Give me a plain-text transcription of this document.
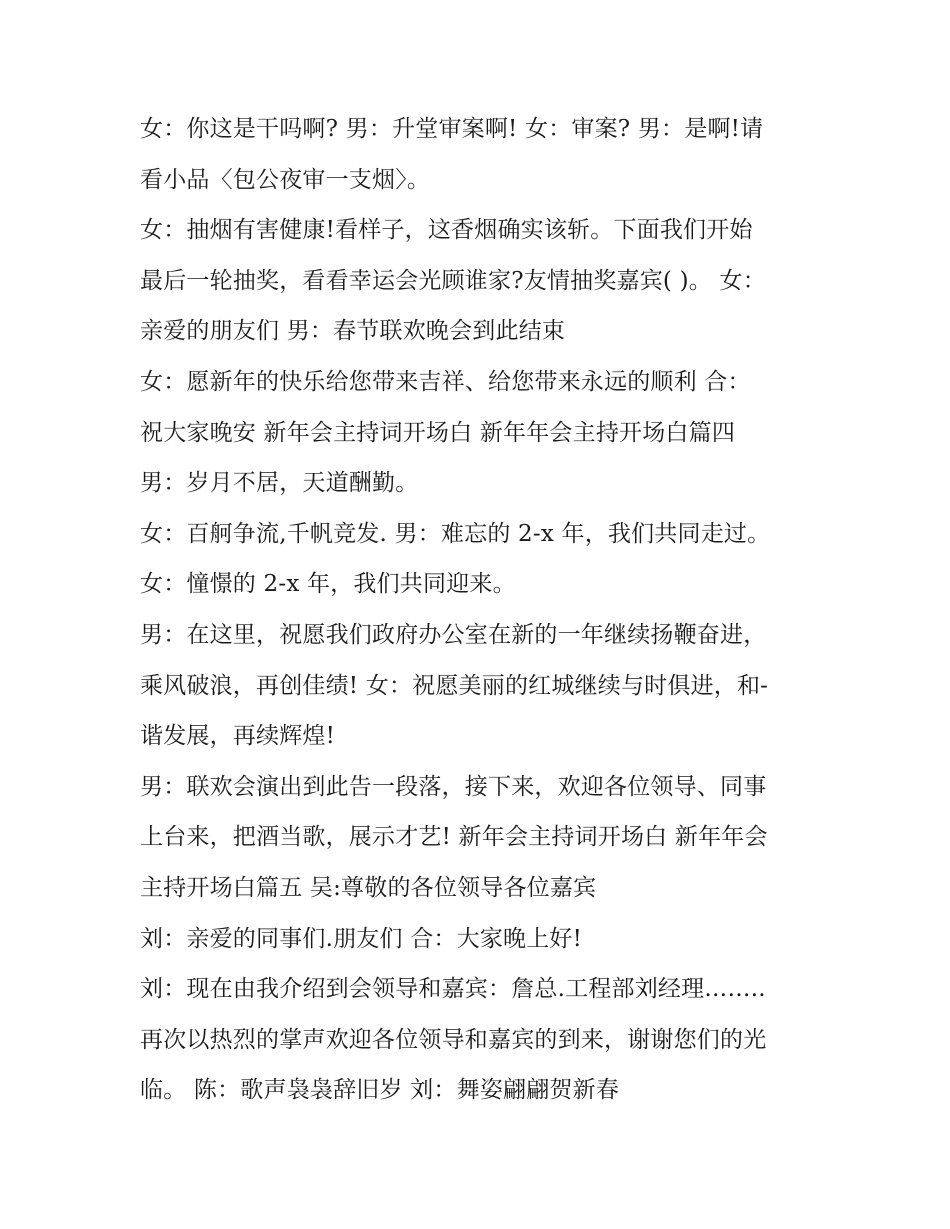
女：你这是干吗啊? 男：升堂审案啊! 女：审案? 男：是啊!请
看小品〈包公夜审一支烟〉。
女：抽烟有害健康!看样子，这香烟确实该斩。下面我们开始
最后一轮抽奖，看看幸运会光顾谁家?友情抽奖嘉宾( )。 女：
亲爱的朋友们 男：春节联欢晚会到此结束
女：愿新年的快乐给您带来吉祥、给您带来永远的顺利 合：
祝大家晚安 新年会主持词开场白 新年年会主持开场白篇四
男：岁月不居，天道酬勤。
女：百舸争流,千帆竞发. 男：难忘的 2-x 年，我们共同走过。
女：憧憬的 2-x 年，我们共同迎来。
男：在这里，祝愿我们政府办公室在新的一年继续扬鞭奋进，
乘风破浪，再创佳绩! 女：祝愿美丽的红城继续与时俱进，和-
谐发展，再续辉煌!
男：联欢会演出到此告一段落，接下来，欢迎各位领导、同事
上台来，把酒当歌，展示才艺! 新年会主持词开场白 新年年会
主持开场白篇五 吴:尊敬的各位领导各位嘉宾
刘：亲爱的同事们.朋友们 合：大家晚上好!
刘：现在由我介绍到会领导和嘉宾：詹总.工程部刘经理……..
再次以热烈的掌声欢迎各位领导和嘉宾的到来，谢谢您们的光
临。 陈：歌声袅袅辞旧岁 刘：舞姿翩翩贺新春
